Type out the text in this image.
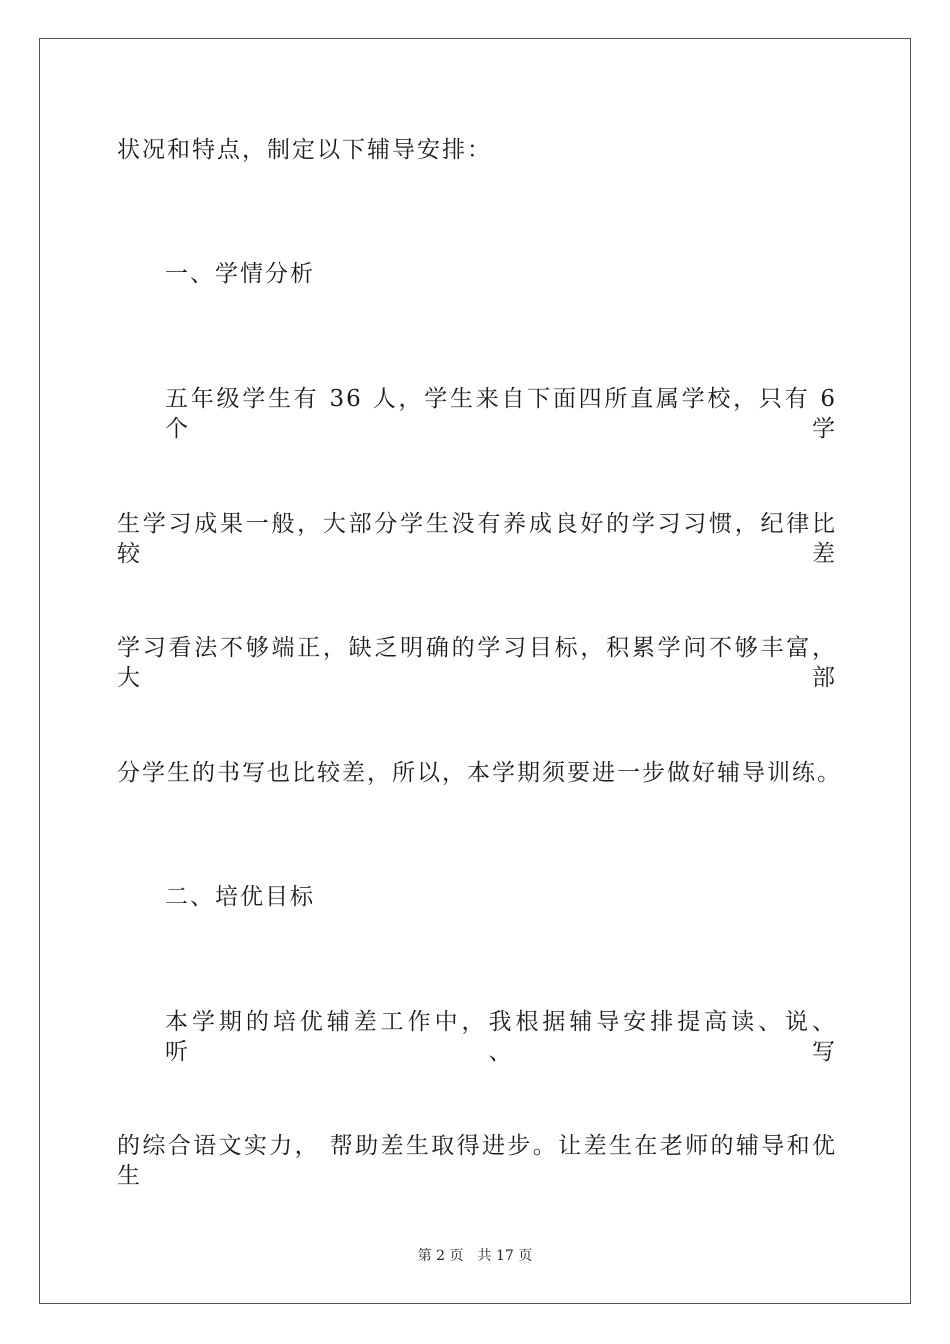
状况和特点，制定以下辅导安排：
一、学情分析
五年级学生有 36 人，学生来自下面四所直属学校，只有 6 个学
生学习成果一般，大部分学生没有养成良好的学习习惯，纪律比较差
学习看法不够端正，缺乏明确的学习目标，积累学问不够丰富，大部
分学生的书写也比较差，所以，本学期须要进一步做好辅导训练。
二、培优目标
本学期的培优辅差工作中，我根据辅导安排提高读、说、听、写
的综合语文实力， 帮助差生取得进步。让差生在老师的辅导和优生
第 2 页 共 17 页
